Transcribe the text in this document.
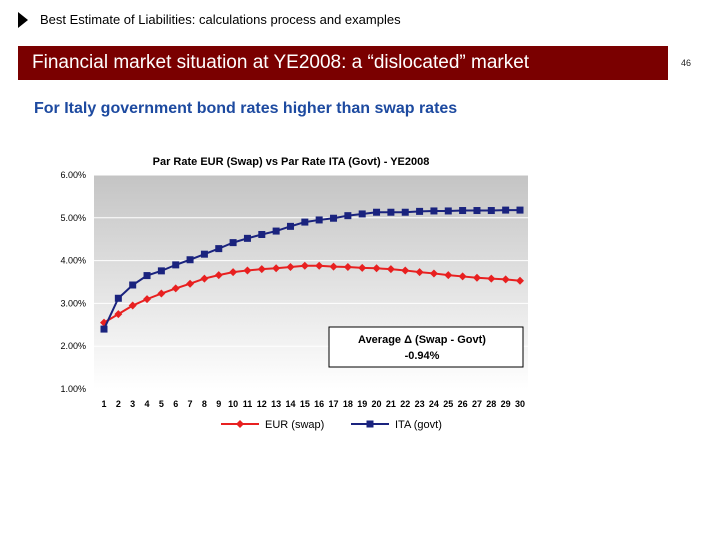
Best Estimate of Liabilities: calculations process and examples
Financial market situation at YE2008: a “dislocated” market	46
For Italy government bond rates higher than swap rates
Par Rate EUR (Swap) vs Par Rate ITA (Govt) - YE2008
1.00%
2.00%
3.00%
4.00%
5.00%
6.00%
1 2 3 4 5 6 7 8 9 10 11 12 13 14 15 16 17 18 19 20 21 22 23 24 25 26 27 28 29 30
Average Δ (Swap - Govt)
-0.94%
EUR (swap)	ITA (govt)
